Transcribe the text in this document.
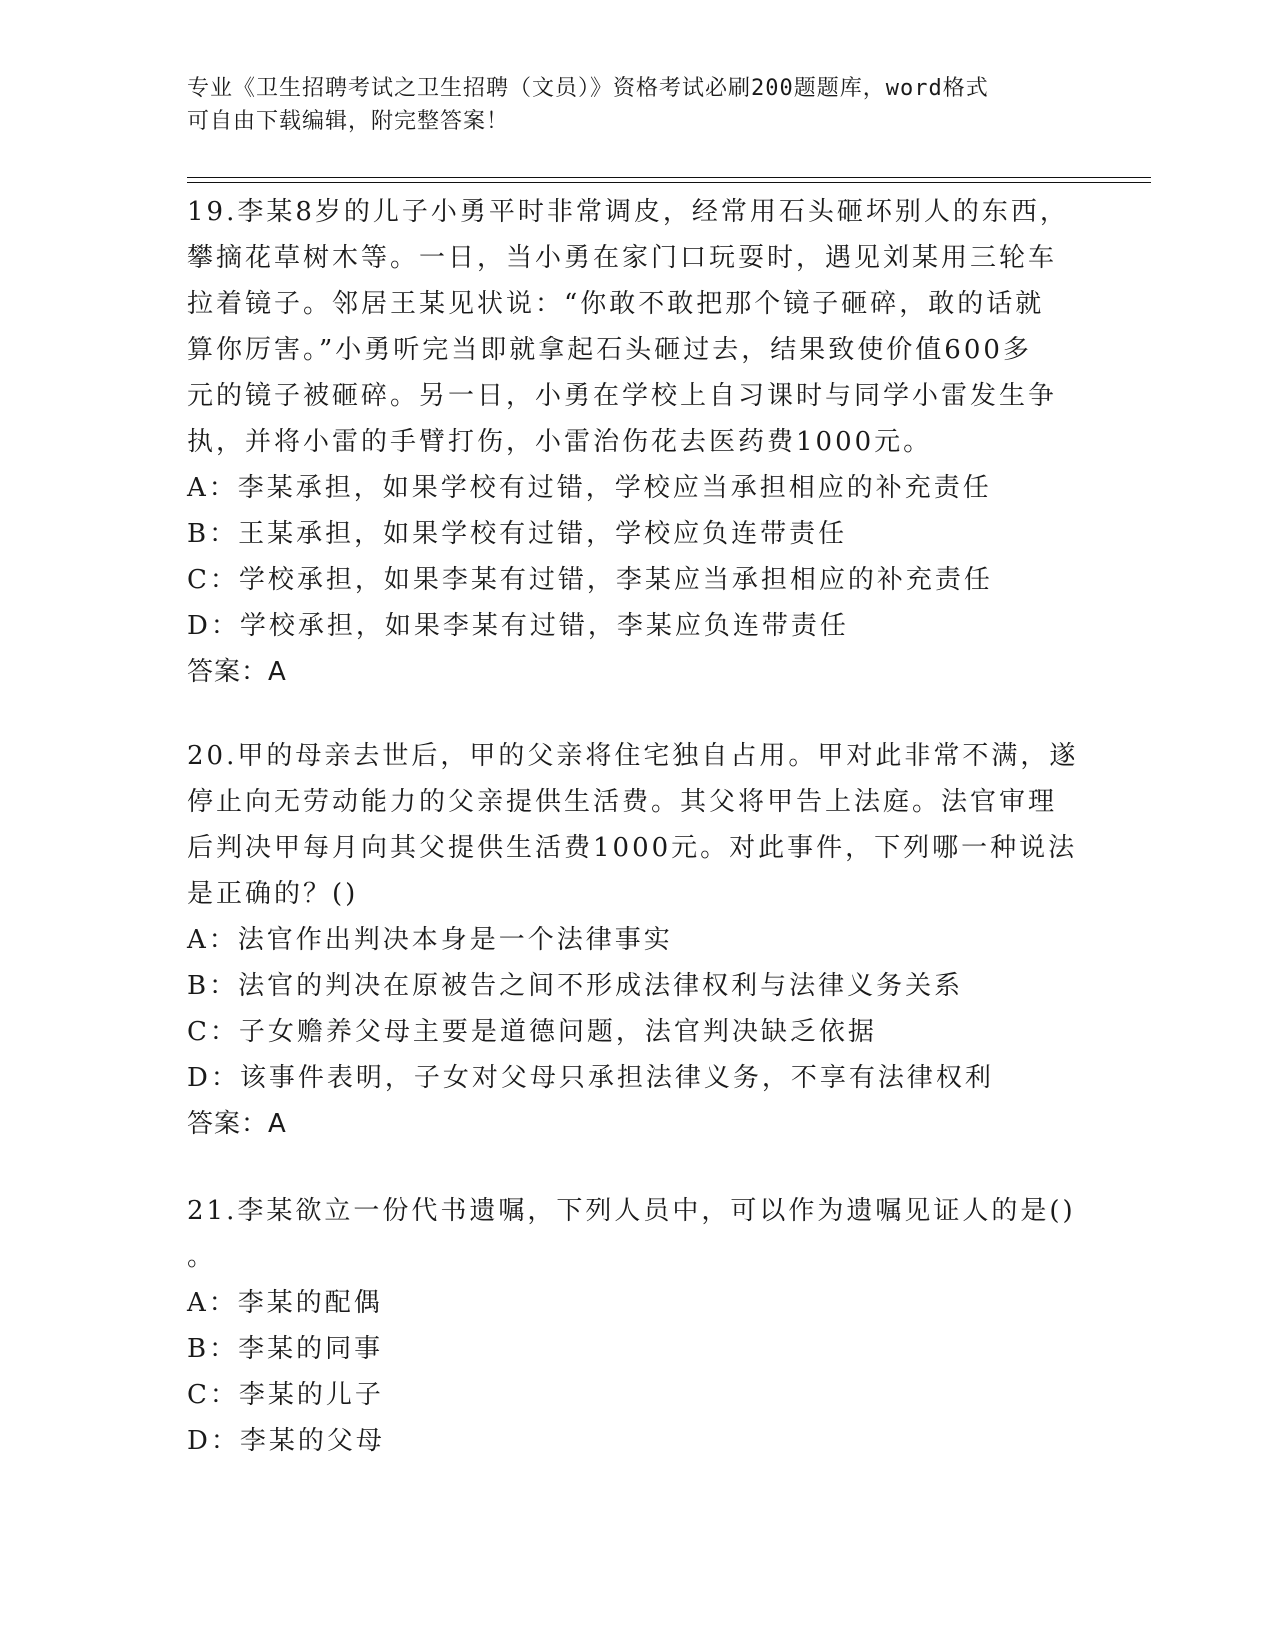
专业《卫生招聘考试之卫生招聘（文员）》资格考试必刷200题题库，word格式
可自由下载编辑，附完整答案！
19.李某8岁的儿子小勇平时非常调皮，经常用石头砸坏别人的东西，
攀摘花草树木等。一日，当小勇在家门口玩耍时，遇见刘某用三轮车
拉着镜子。邻居王某见状说：“你敢不敢把那个镜子砸碎，敢的话就
算你厉害。”小勇听完当即就拿起石头砸过去，结果致使价值600多
元的镜子被砸碎。另一日，小勇在学校上自习课时与同学小雷发生争
执，并将小雷的手臂打伤，小雷治伤花去医药费1000元。
A：李某承担，如果学校有过错，学校应当承担相应的补充责任
B：王某承担，如果学校有过错，学校应负连带责任
C：学校承担，如果李某有过错，李某应当承担相应的补充责任
D：学校承担，如果李某有过错，李某应负连带责任
答案：A
20.甲的母亲去世后，甲的父亲将住宅独自占用。甲对此非常不满，遂
停止向无劳动能力的父亲提供生活费。其父将甲告上法庭。法官审理
后判决甲每月向其父提供生活费1000元。对此事件，下列哪一种说法
是正确的？()
A：法官作出判决本身是一个法律事实
B：法官的判决在原被告之间不形成法律权利与法律义务关系
C：子女赡养父母主要是道德问题，法官判决缺乏依据
D：该事件表明，子女对父母只承担法律义务，不享有法律权利
答案：A
21.李某欲立一份代书遗嘱，下列人员中，可以作为遗嘱见证人的是()
。
A：李某的配偶
B：李某的同事
C：李某的儿子
D：李某的父母
